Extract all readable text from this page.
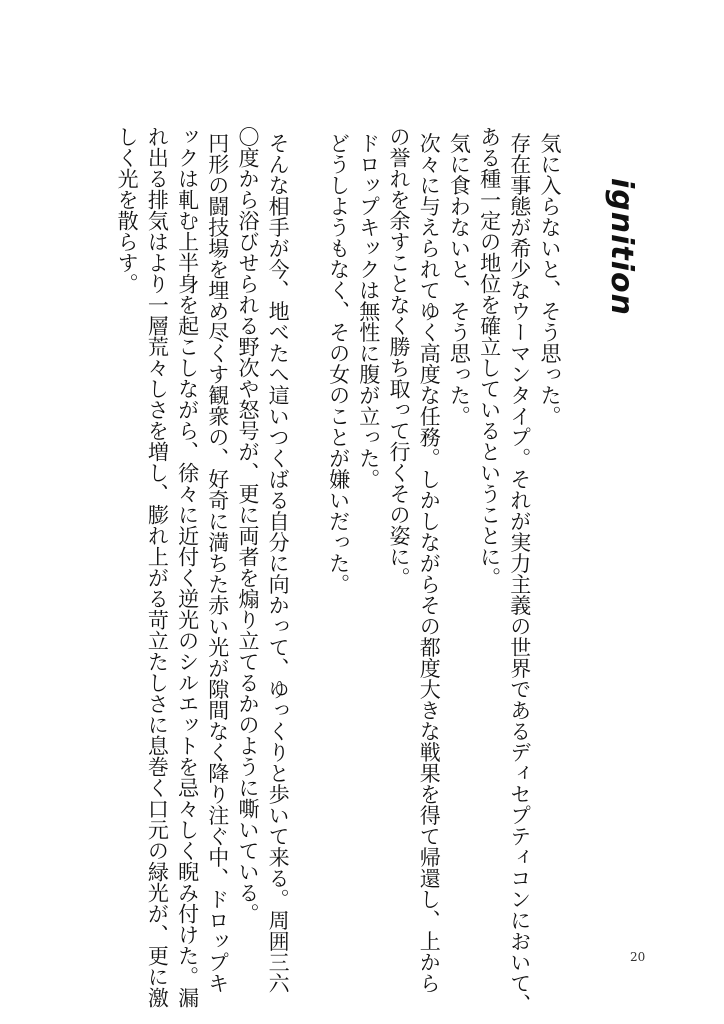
ignition

気に入らないと、そう思った。

存在事態が希少なウーマンタイプ。それが実力主義の世界であるディセプティコンにおいて、
ある種一定の地位を確立しているということに。

気に食わないと、そう思った。

次々に与えられてゆく高度な任務。しかしながらその都度大きな戦果を得て帰還し、上から
の誉れを余すことなく勝ち取って行くその姿に。

ドロップキックは無性に腹が立った。

どうしようもなく、その女のことが嫌いだった。

そんな相手が今、地べたへ這いつくばる自分に向かって、ゆっくりと歩いて来る。周囲三六
〇度から浴びせられる野次や怒号が、更に両者を煽り立てるかのように嘶いている。

円形の闘技場を埋め尽くす観衆の、好奇に満ちた赤い光が隙間なく降り注ぐ中、ドロップキ
ックは軋む上半身を起こしながら、徐々に近付く逆光のシルエットを忌々しく睨み付けた。漏
れ出る排気はより一層荒々しさを増し、膨れ上がる苛立たしさに息巻く口元の緑光が、更に激
しく光を散らす。

20
